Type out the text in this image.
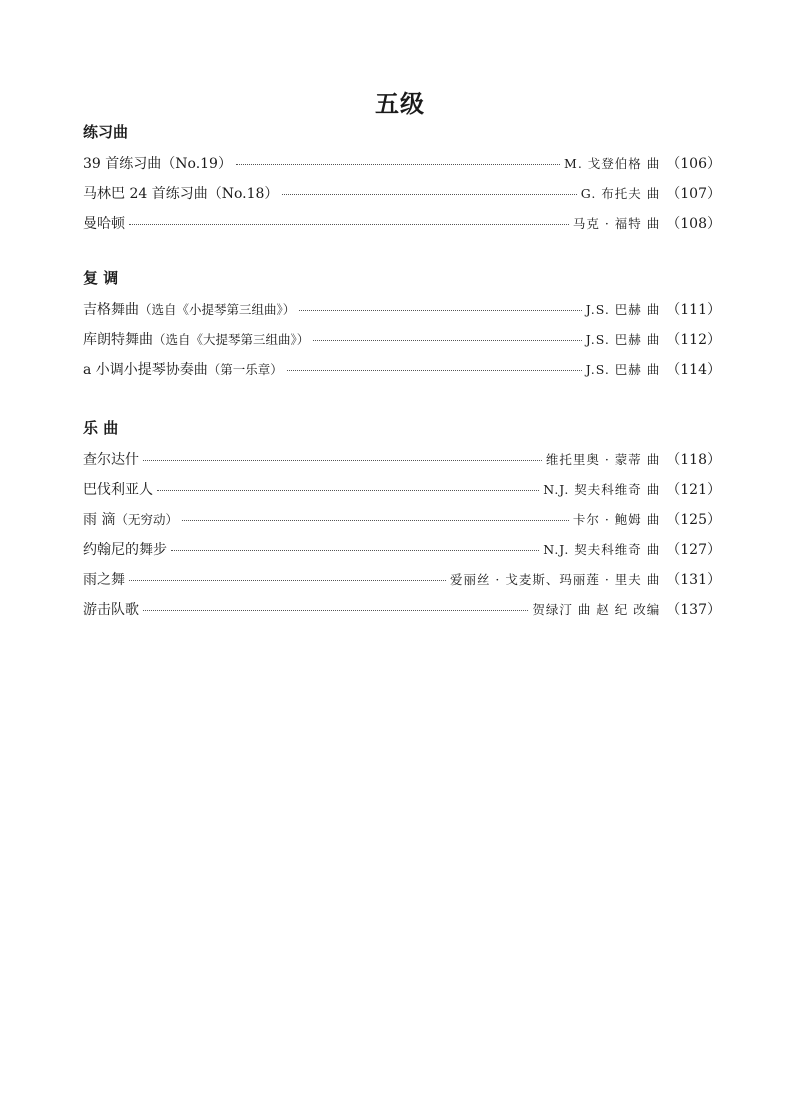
五级
练习曲
39 首练习曲 （No.19）	M. 戈登伯格 曲 （106）
马林巴 24 首练习曲 （No.18）	G. 布托夫 曲 （107）
曼哈顿	马克 · 福特 曲 （108）
复 调
吉格舞曲 （选自《小提琴第三组曲》）	J.S. 巴赫 曲 （111）
库朗特舞曲 （选自《大提琴第三组曲》）	J.S. 巴赫 曲 （112）
a 小调小提琴协奏曲 （第一乐章）	J.S. 巴赫 曲 （114）
乐 曲
查尔达什	维托里奥 · 蒙蒂 曲 （118）
巴伐利亚人	N.J. 契夫科维奇 曲 （121）
雨 滴 （无穷动）	卡尔 · 鲍姆 曲 （125）
约翰尼的舞步	N.J. 契夫科维奇 曲 （127）
雨之舞	爱丽丝 · 戈麦斯、玛丽莲 · 里夫 曲 （131）
游击队歌	贺绿汀 曲 赵 纪 改编 （137）
